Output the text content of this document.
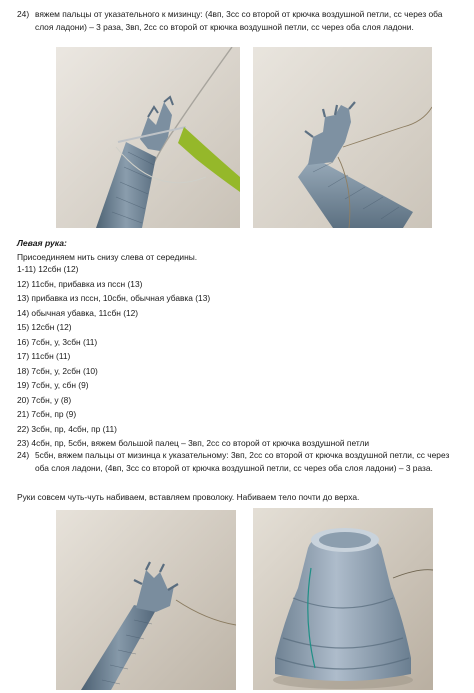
24) вяжем пальцы от указательного к мизинцу: (4вп, 3сс со второй от крючка воздушной петли, сс через оба слоя ладони) – 3 раза, 3вп, 2сс со второй от крючка воздушной петли, сс через оба слоя ладони.
Левая рука:
Присоединяем нить снизу слева от середины.
1-11) 12сбн (12)
12) 11сбн, прибавка из пссн (13)
13) прибавка из пссн, 10сбн, обычная убавка (13)
14) обычная убавка, 11сбн (12)
15) 12сбн (12)
16) 7сбн, у, 3сбн (11)
17) 11сбн (11)
18) 7сбн, у, 2сбн (10)
19) 7сбн, у, сбн (9)
20) 7сбн, у (8)
21) 7сбн, пр (9)
22) 3сбн, пр, 4сбн, пр (11)
23) 4сбн, пр, 5сбн, вяжем большой палец – 3вп, 2сс со второй от крючка воздушной петли
24) 5сбн, вяжем пальцы от мизинца к указательному: 3вп, 2сс со второй от крючка воздушной петли, сс через оба слоя ладони, (4вп, 3сс со второй от крючка воздушной петли, сс через оба слоя ладони) – 3 раза.
Руки совсем чуть-чуть набиваем, вставляем проволоку. Набиваем тело почти до верха.
